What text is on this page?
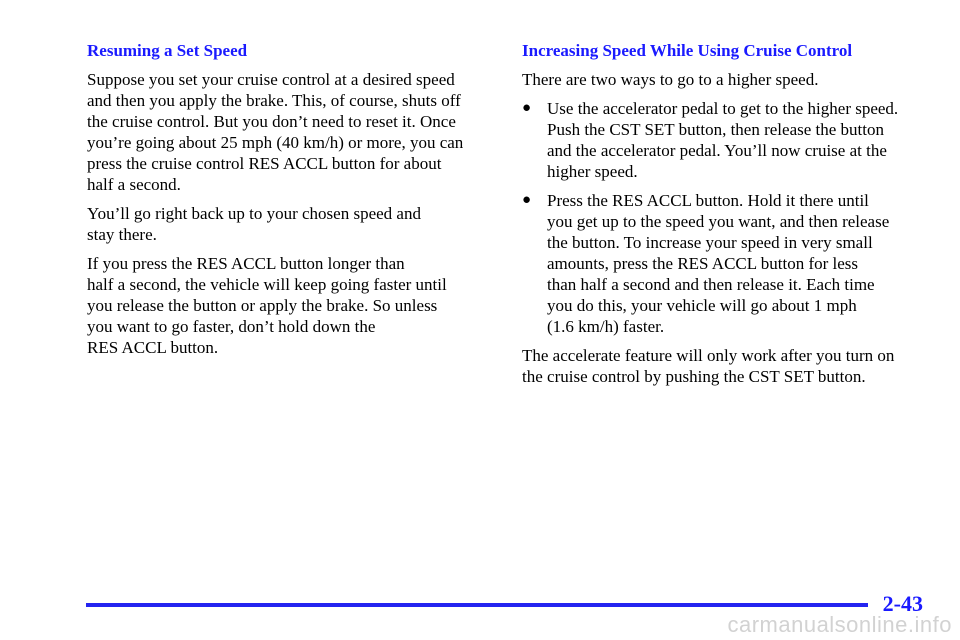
Resuming a Set Speed

Suppose you set your cruise control at a desired speed
and then you apply the brake. This, of course, shuts off
the cruise control. But you don’t need to reset it. Once
you’re going about 25 mph (40 km/h) or more, you can
press the cruise control RES ACCL button for about
half a second.

You’ll go right back up to your chosen speed and
stay there.

If you press the RES ACCL button longer than
half a second, the vehicle will keep going faster until
you release the button or apply the brake. So unless
you want to go faster, don’t hold down the
RES ACCL button.

Increasing Speed While Using Cruise Control

There are two ways to go to a higher speed.

● Use the accelerator pedal to get to the higher speed.
Push the CST SET button, then release the button
and the accelerator pedal. You’ll now cruise at the
higher speed.
● Press the RES ACCL button. Hold it there until
you get up to the speed you want, and then release
the button. To increase your speed in very small
amounts, press the RES ACCL button for less
than half a second and then release it. Each time
you do this, your vehicle will go about 1 mph
(1.6 km/h) faster.

The accelerate feature will only work after you turn on
the cruise control by pushing the CST SET button.

2-43
carmanualsonline.info
